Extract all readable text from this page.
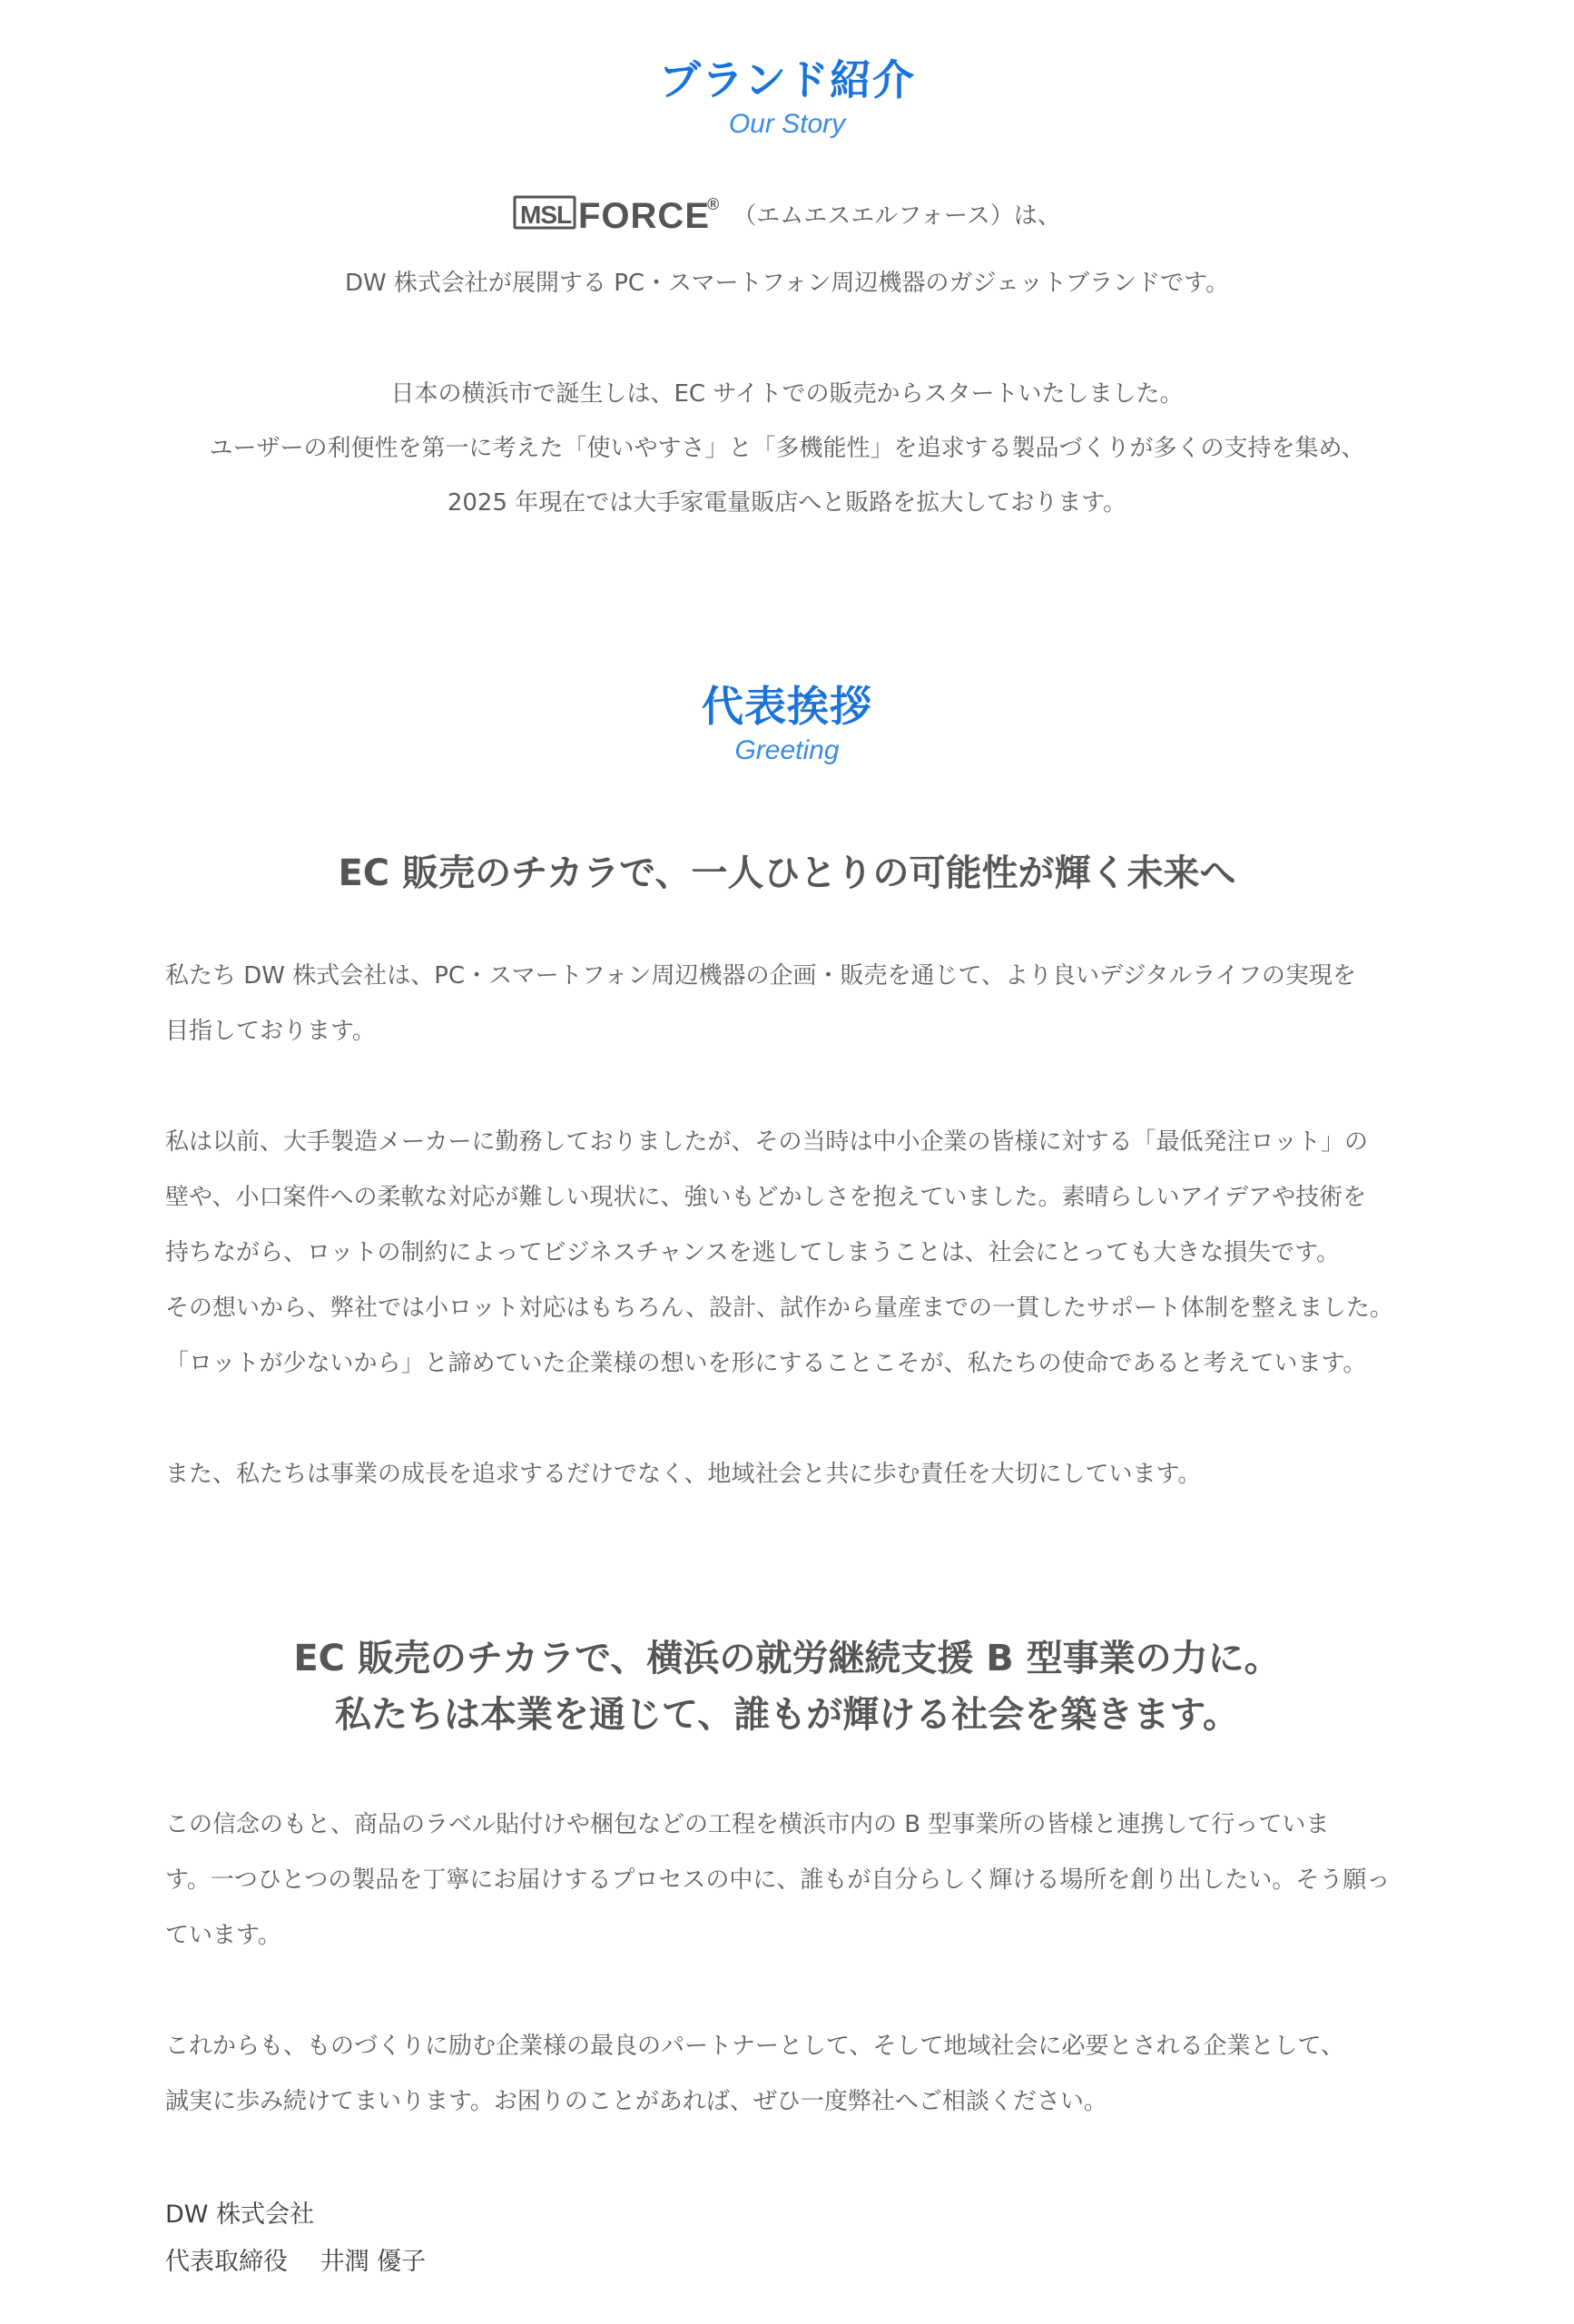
ブランド紹介
Our Story
MSL FORCE
® （エムエスエルフォース）は、

DW 株式会社が展開する PC・スマートフォン周辺機器のガジェットブランドです。

日本の横浜市で誕生しは、EC サイトでの販売からスタートいたしました。

ユーザーの利便性を第一に考えた「使いやすさ」と「多機能性」を追求する製品づくりが多くの支持を集め、

2025 年現在では大手家電量販店へと販路を拡大しております。

代表挨拶
Greeting
EC 販売のチカラで、一人ひとりの可能性が輝く未来へ

私たち DW 株式会社は、PC・スマートフォン周辺機器の企画・販売を通じて、より良いデジタルライフの実現を

目指しております。

私は以前、大手製造メーカーに勤務しておりましたが、その当時は中小企業の皆様に対する「最低発注ロット」の

壁や、小口案件への柔軟な対応が難しい現状に、強いもどかしさを抱えていました。素晴らしいアイデアや技術を

持ちながら、ロットの制約によってビジネスチャンスを逃してしまうことは、社会にとっても大きな損失です。

その想いから、弊社では小ロット対応はもちろん、設計、試作から量産までの一貫したサポート体制を整えました。

「ロットが少ないから」と諦めていた企業様の想いを形にすることこそが、私たちの使命であると考えています。

また、私たちは事業の成長を追求するだけでなく、地域社会と共に歩む責任を大切にしています。

EC 販売のチカラで、横浜の就労継続支援 B 型事業の力に。
私たちは本業を通じて、誰もが輝ける社会を築きます。

この信念のもと、商品のラベル貼付けや梱包などの工程を横浜市内の B 型事業所の皆様と連携して行っていま

す。一つひとつの製品を丁寧にお届けするプロセスの中に、誰もが自分らしく輝ける場所を創り出したい。そう願っ

ています。

これからも、ものづくりに励む企業様の最良のパートナーとして、そして地域社会に必要とされる企業として、

誠実に歩み続けてまいります。お困りのことがあれば、ぜひ一度弊社へご相談ください。

DW 株式会社

代表取締役　 井潤 優子
